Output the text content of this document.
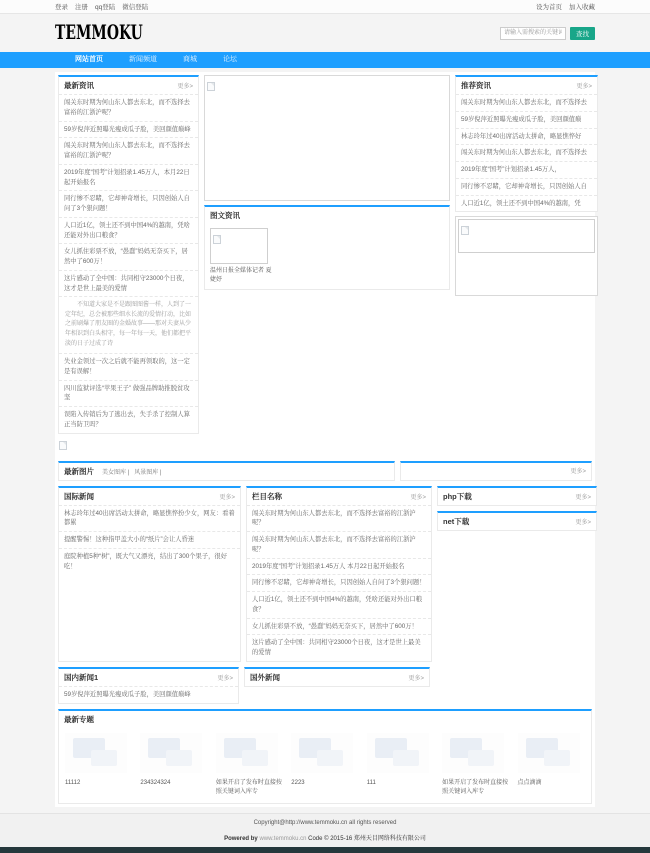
登录 注册 qq登陆 微信登陆	设为首页 加入收藏
TEMMOKU
请输入需搜索的关键词	查找
网站首页	新闻频道	商城	论坛
最新资讯	更多>
闯关东时期为何山东人都去东北，而不选择去富裕的江浙沪呢？
59岁倪萍近照曝光瘦成瓜子脸，美回颜值巅峰
闯关东时期为何山东人都去东北，而不选择去富裕的江浙沪呢？
2019年度“国考”计划招录1.45万人，本月22日起开始报名
同行惨不忍睹，它却神奇增长，只因创始人自问了3个狠问题！
人口近1亿，领土还不到中国4%的越南，凭啥还能对外出口粮食？
女儿抓住彩票不放，“愚蠢”妈妈无奈买下，居然中了600万！
这片感动了全中国：共同相守23000个日夜，这才是世上最美的爱情

不知道大家是不是跟图图酱一样，人到了一定年纪，总会被那些细水长流的爱情打动，比如之前刷爆了朋友圈的金婚故事——那对夫妻从少年相识到白头相守，每一年每一天，他们都把平淡的日子过成了诗

失业金领过一次之后就不能再领取的，这一定是有误解！
四川监狱评选“苹果王子” 做强品牌助推脱贫攻坚
误陷入传销后为了逃出去，失手杀了控制人算正当防卫吗？
图文资讯
温州日报全媒体记者 夏婕妤
推荐资讯	更多>
闯关东时期为何山东人都去东北，而不选择去
59岁倪萍近照曝光瘦成瓜子脸，美回颜值巅
林志玲年过40出席活动太拼命，略显憔悴好
闯关东时期为何山东人都去东北，而不选择去
2019年度“国考”计划招录1.45万人，
同行惨不忍睹，它却神奇增长，只因创始人自
人口近1亿，领土还不到中国4%的越南，凭
最新图片 美女图库 | 风景图库 |	更多>
国际新闻	更多>
林志玲年过40出席活动太拼命，略显憔悴扮少女，网友：看着都累
提醒警惕！这种指甲盖大小的“纸片”会让人昏迷
庭院种植5种“树”，既大气又漂亮，结出了300个果子，很好吃！
栏目名称	更多>
闯关东时期为何山东人都去东北，而不选择去富裕的江浙沪呢？
闯关东时期为何山东人都去东北，而不选择去富裕的江浙沪呢？
2019年度“国考”计划招录1.45万人 本月22日起开始报名
同行惨不忍睹，它却神奇增长，只因创始人自问了3个狠问题！
人口近1亿，领土还不到中国4%的越南，凭啥还能对外出口粮食？
女儿抓住彩票不放，“愚蠢”妈妈无奈买下，居然中了600万！
这片感动了全中国：共同相守23000个日夜，这才是世上最美的爱情
php下载	更多>
net下载	更多>
国内新闻1	更多>
59岁倪萍近照曝光瘦成瓜子脸，美回颜值巅峰
国外新闻	更多>
最新专题
11112	234324324	如果开启了发布时直接按照关键词入库专
2223	111	如果开启了发布时直接按照关键词入库专
点点滴滴
Copyright@http://www.temmoku.cn all rights reserved
Powered by www.temmoku.cn Code © 2015-16 郑州天目网络科技有限公司
